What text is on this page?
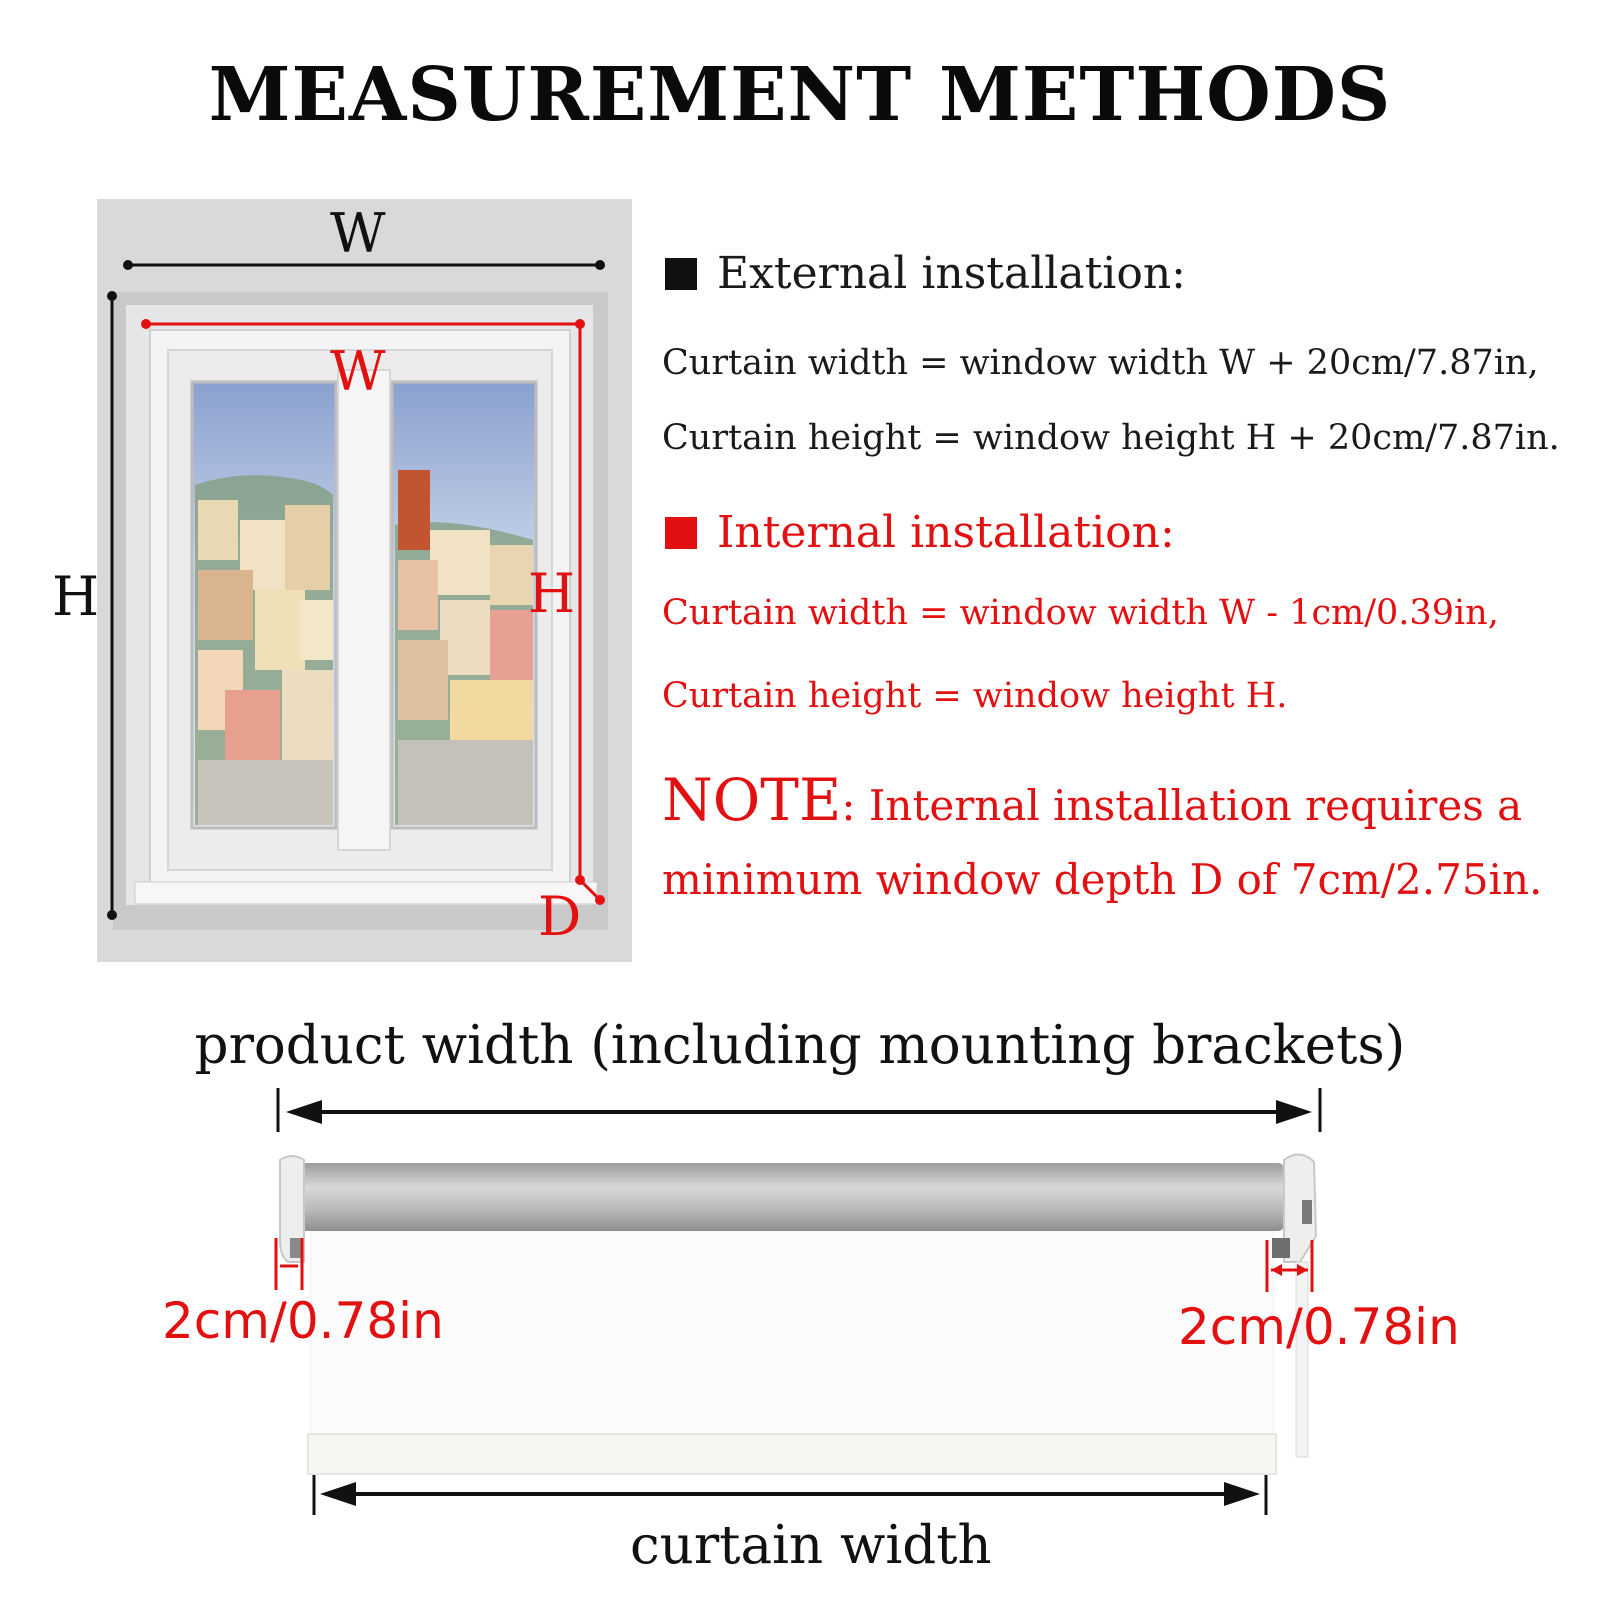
MEASUREMENT METHODS
W
H
W
H
D
External installation:
Curtain width = window width W + 20cm/7.87in,
Curtain height = window height H + 20cm/7.87in.
Internal installation:
Curtain width = window width W - 1cm/0.39in,
Curtain height = window height H.
NOTE: Internal installation requires a
minimum window depth D of 7cm/2.75in.
product width (including mounting brackets)
2cm/0.78in	2cm/0.78in
curtain width
